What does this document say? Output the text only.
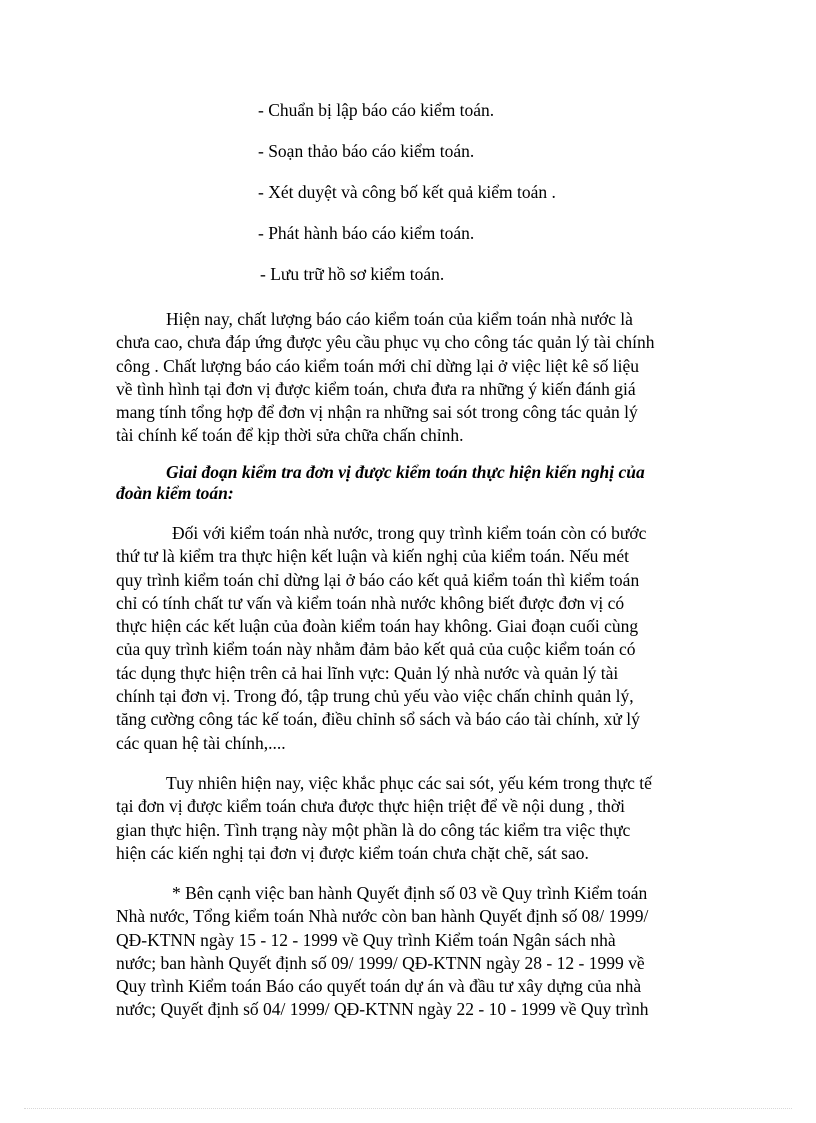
- Chuẩn bị lập báo cáo kiểm toán.
- Soạn thảo báo cáo kiểm toán.
- Xét duyệt và công bố kết quả kiểm toán .
- Phát hành báo cáo kiểm toán.
- Lưu trữ hồ sơ kiểm toán.

Hiện nay, chất lượng báo cáo kiểm toán của kiểm toán nhà nước là
chưa cao, chưa đáp ứng được yêu cầu phục vụ cho công tác quản lý tài chính
công . Chất lượng báo cáo kiểm toán mới chỉ dừng lại ở việc liệt kê số liệu
về tình hình tại đơn vị được kiểm toán, chưa đưa ra những ý kiến đánh giá
mang tính tổng hợp để đơn vị nhận ra những sai sót trong công tác quản lý
tài chính kế toán để kịp thời sửa chữa chấn chỉnh.

Giai đoạn kiểm tra đơn vị được kiểm toán thực hiện kiến nghị của
đoàn kiểm toán:

Đối với kiểm toán nhà nước, trong quy trình kiểm toán còn có bước
thứ tư là kiểm tra thực hiện kết luận và kiến nghị của kiểm toán. Nếu mét
quy trình kiểm toán chỉ dừng lại ở báo cáo kết quả kiểm toán thì kiểm toán
chỉ có tính chất tư vấn và kiểm toán nhà nước không biết được đơn vị có
thực hiện các kết luận của đoàn kiểm toán hay không. Giai đoạn cuối cùng
của quy trình kiểm toán này nhằm đảm bảo kết quả của cuộc kiểm toán có
tác dụng thực hiện trên cả hai lĩnh vực: Quản lý nhà nước và quản lý tài
chính tại đơn vị. Trong đó, tập trung chủ yếu vào việc chấn chỉnh quản lý,
tăng cường công tác kế toán, điều chỉnh sổ sách và báo cáo tài chính, xử lý
các quan hệ tài chính,....

Tuy nhiên hiện nay, việc khắc phục các sai sót, yếu kém trong thực tế
tại đơn vị được kiểm toán chưa được thực hiện triệt để về nội dung , thời
gian thực hiện. Tình trạng này một phần là do công tác kiểm tra việc thực
hiện các kiến nghị tại đơn vị được kiểm toán chưa chặt chẽ, sát sao.

* Bên cạnh việc ban hành Quyết định số 03 về Quy trình Kiểm toán
Nhà nước, Tổng kiểm toán Nhà nước còn ban hành Quyết định số 08/ 1999/
QĐ-KTNN ngày 15 - 12 - 1999 về Quy trình Kiểm toán Ngân sách nhà
nước; ban hành Quyết định số 09/ 1999/ QĐ-KTNN ngày 28 - 12 - 1999 về
Quy trình Kiểm toán Báo cáo quyết toán dự án và đầu tư xây dựng của nhà
nước; Quyết định số 04/ 1999/ QĐ-KTNN ngày 22 - 10 - 1999 về Quy trình
